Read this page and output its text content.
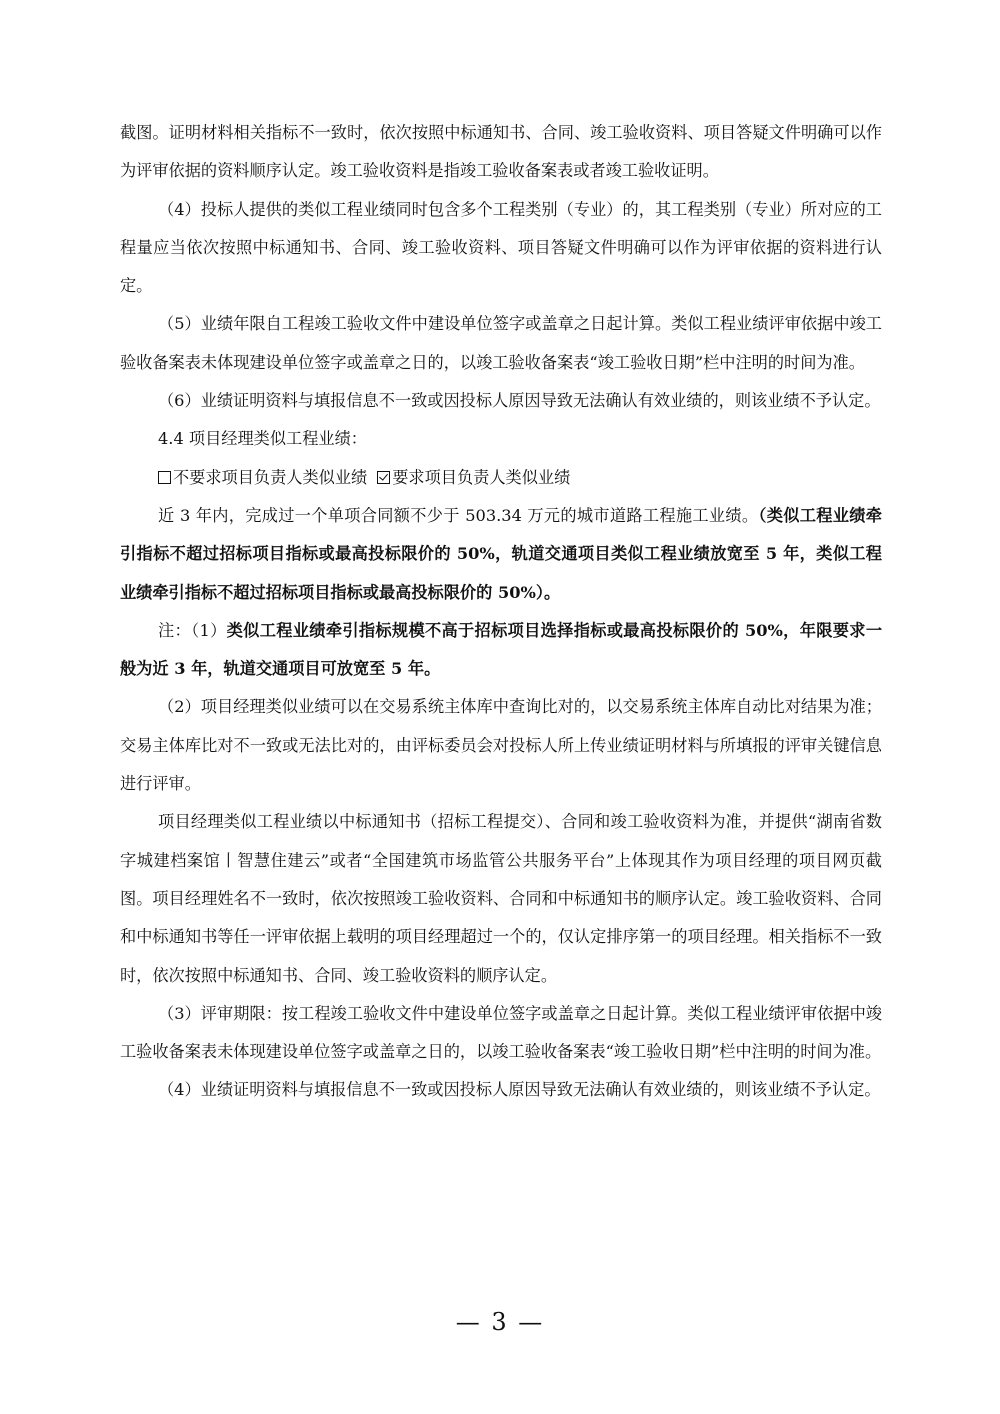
截图。证明材料相关指标不一致时，依次按照中标通知书、合同、竣工验收资料、项目答疑文件明确可以作为评审依据的资料顺序认定。竣工验收资料是指竣工验收备案表或者竣工验收证明。

（4）投标人提供的类似工程业绩同时包含多个工程类别（专业）的，其工程类别（专业）所对应的工程量应当依次按照中标通知书、合同、竣工验收资料、项目答疑文件明确可以作为评审依据的资料进行认定。

（5）业绩年限自工程竣工验收文件中建设单位签字或盖章之日起计算。类似工程业绩评审依据中竣工验收备案表未体现建设单位签字或盖章之日的，以竣工验收备案表“竣工验收日期”栏中注明的时间为准。

（6）业绩证明资料与填报信息不一致或因投标人原因导致无法确认有效业绩的，则该业绩不予认定。

4.4 项目经理类似工程业绩：

不要求项目负责人类似业绩 要求项目负责人类似业绩

近 3 年内，完成过一个单项合同额不少于 503.34 万元的城市道路工程施工业绩。（类似工程业绩牵引指标不超过招标项目指标或最高投标限价的 50%，轨道交通项目类似工程业绩放宽至 5 年，类似工程业绩牵引指标不超过招标项目指标或最高投标限价的 50%）。

注：（1）类似工程业绩牵引指标规模不高于招标项目选择指标或最高投标限价的 50%，年限要求一般为近 3 年，轨道交通项目可放宽至 5 年。

（2）项目经理类似业绩可以在交易系统主体库中查询比对的，以交易系统主体库自动比对结果为准；交易主体库比对不一致或无法比对的，由评标委员会对投标人所上传业绩证明材料与所填报的评审关键信息进行评审。

项目经理类似工程业绩以中标通知书（招标工程提交）、合同和竣工验收资料为准，并提供“湖南省数字城建档案馆丨智慧住建云”或者“全国建筑市场监管公共服务平台”上体现其作为项目经理的项目网页截图。项目经理姓名不一致时，依次按照竣工验收资料、合同和中标通知书的顺序认定。竣工验收资料、合同和中标通知书等任一评审依据上载明的项目经理超过一个的，仅认定排序第一的项目经理。相关指标不一致时，依次按照中标通知书、合同、竣工验收资料的顺序认定。

（3）评审期限：按工程竣工验收文件中建设单位签字或盖章之日起计算。类似工程业绩评审依据中竣工验收备案表未体现建设单位签字或盖章之日的，以竣工验收备案表“竣工验收日期”栏中注明的时间为准。

（4）业绩证明资料与填报信息不一致或因投标人原因导致无法确认有效业绩的，则该业绩不予认定。

— 3 —
